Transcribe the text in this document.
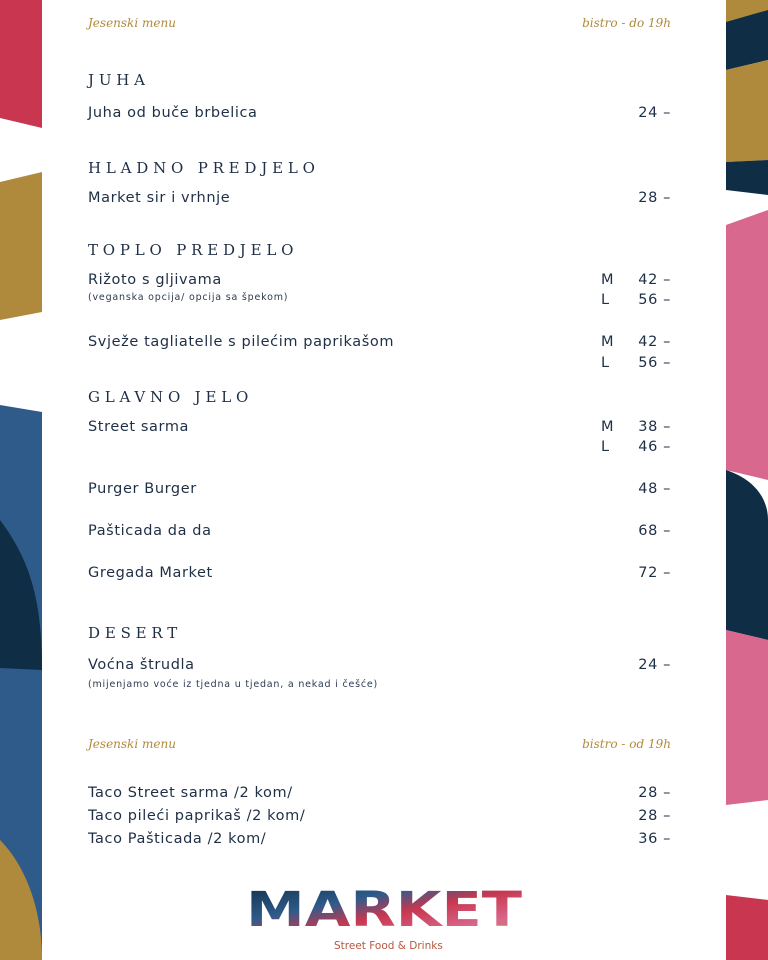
Jesenski menu	bistro - do 19h
JUHA
Juha od buče brbelica	24 –
HLADNO PREDJELO
Market sir i vrhnje	28 –
TOPLO PREDJELO
Rižoto s gljivama
(veganska opcija/ opcija sa špekom)
M 42 –
L 56 –
Svježe tagliatelle s pilećim paprikašom	M 42 –
L 56 –
GLAVNO JELO
Street sarma	M 38 –
L 46 –
Purger Burger	48 –
Pašticada da da	68 –
Gregada Market	72 –
DESERT
Voćna štrudla	24 –
(mijenjamo voće iz tjedna u tjedan, a nekad i češće)
Jesenski menu	bistro - od 19h
Taco Street sarma /2 kom/	28 –
Taco pileći paprikaš /2 kom/	28 –
Taco Pašticada /2 kom/	36 –
MARKET
Street Food & Drinks
